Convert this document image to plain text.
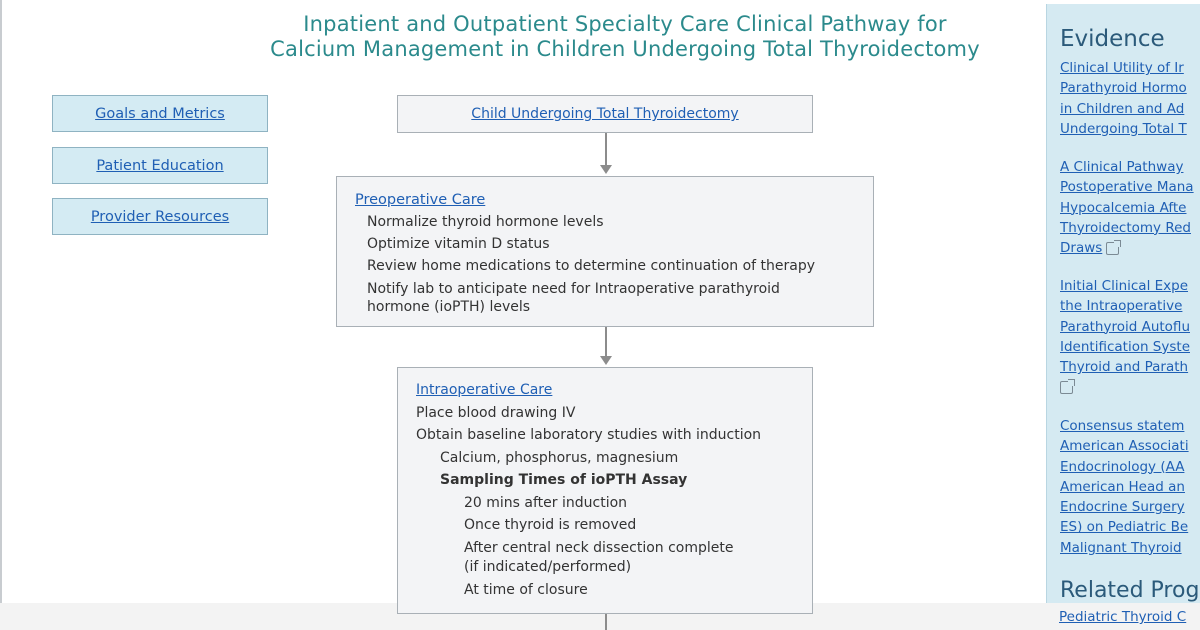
Inpatient and Outpatient Specialty Care Clinical Pathway for
Calcium Management in Children Undergoing Total Thyroidectomy
Goals and Metrics
Patient Education
Provider Resources
Child Undergoing Total Thyroidectomy
Preoperative Care
Normalize thyroid hormone levels
Optimize vitamin D status
Review home medications to determine continuation of therapy
Notify lab to anticipate need for Intraoperative parathyroid
hormone (ioPTH) levels
Intraoperative Care
Place blood drawing IV
Obtain baseline laboratory studies with induction
Calcium, phosphorus, magnesium
Sampling Times of ioPTH Assay
20 mins after induction
Once thyroid is removed
After central neck dissection complete
(if indicated/performed)
At time of closure
Evidence
Clinical Utility of Ir
Parathyroid Hormo
in Children and Ad
Undergoing Total T
A Clinical Pathway
Postoperative Mana
Hypocalcemia Afte
Thyroidectomy Red
Draws
Initial Clinical Expe
the Intraoperative
Parathyroid Autoflu
Identification Syste
Thyroid and Parath
Consensus statem
American Associati
Endocrinology (AA
American Head an
Endocrine Surgery
ES) on Pediatric Be
Malignant Thyroid
Related Prog
Pediatric Thyroid C
